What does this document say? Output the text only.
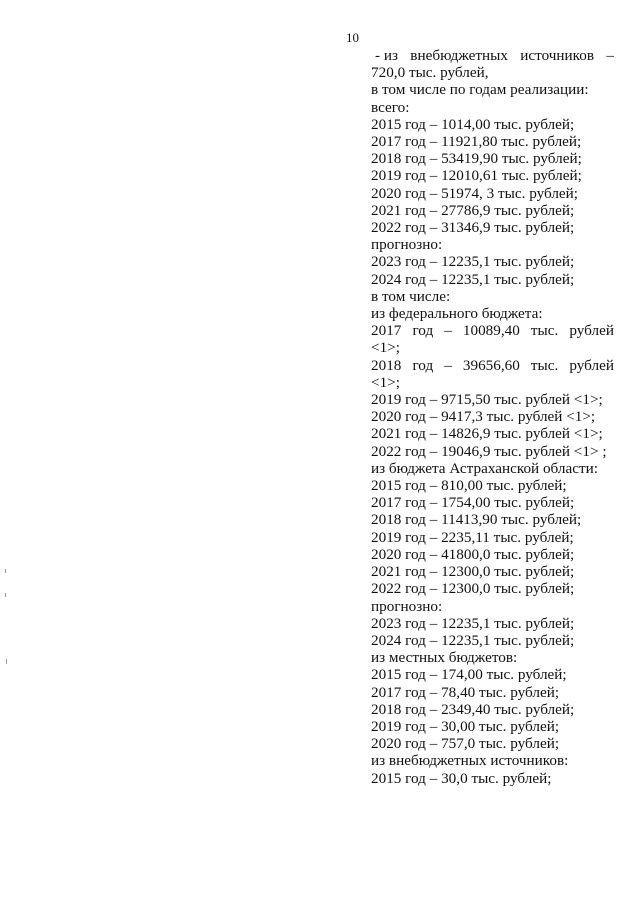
10
- из внебюджетных источников –
720,0 тыс. рублей,
в том числе по годам реализации:
всего:
2015 год – 1014,00 тыс. рублей;
2017 год – 11921,80 тыс. рублей;
2018 год – 53419,90 тыс. рублей;
2019 год – 12010,61 тыс. рублей;
2020 год – 51974, 3 тыс. рублей;
2021 год – 27786,9 тыс. рублей;
2022 год – 31346,9 тыс. рублей;
прогнозно:
2023 год – 12235,1 тыс. рублей;
2024 год – 12235,1 тыс. рублей;
в том числе:
из федерального бюджета:
2017 год – 10089,40 тыс. рублей
<1>;
2018 год – 39656,60 тыс. рублей
<1>;
2019 год – 9715,50 тыс. рублей <1>;
2020 год – 9417,3 тыс. рублей <1>;
2021 год – 14826,9 тыс. рублей <1>;
2022 год – 19046,9 тыс. рублей <1> ;
из бюджета Астраханской области:
2015 год – 810,00 тыс. рублей;
2017 год – 1754,00 тыс. рублей;
2018 год – 11413,90 тыс. рублей;
2019 год – 2235,11 тыс. рублей;
2020 год – 41800,0 тыс. рублей;
2021 год – 12300,0 тыс. рублей;
2022 год – 12300,0 тыс. рублей;
прогнозно:
2023 год – 12235,1 тыс. рублей;
2024 год – 12235,1 тыс. рублей;
из местных бюджетов:
2015 год – 174,00 тыс. рублей;
2017 год – 78,40 тыс. рублей;
2018 год – 2349,40 тыс. рублей;
2019 год – 30,00 тыс. рублей;
2020 год – 757,0 тыс. рублей;
из внебюджетных источников:
2015 год – 30,0 тыс. рублей;
